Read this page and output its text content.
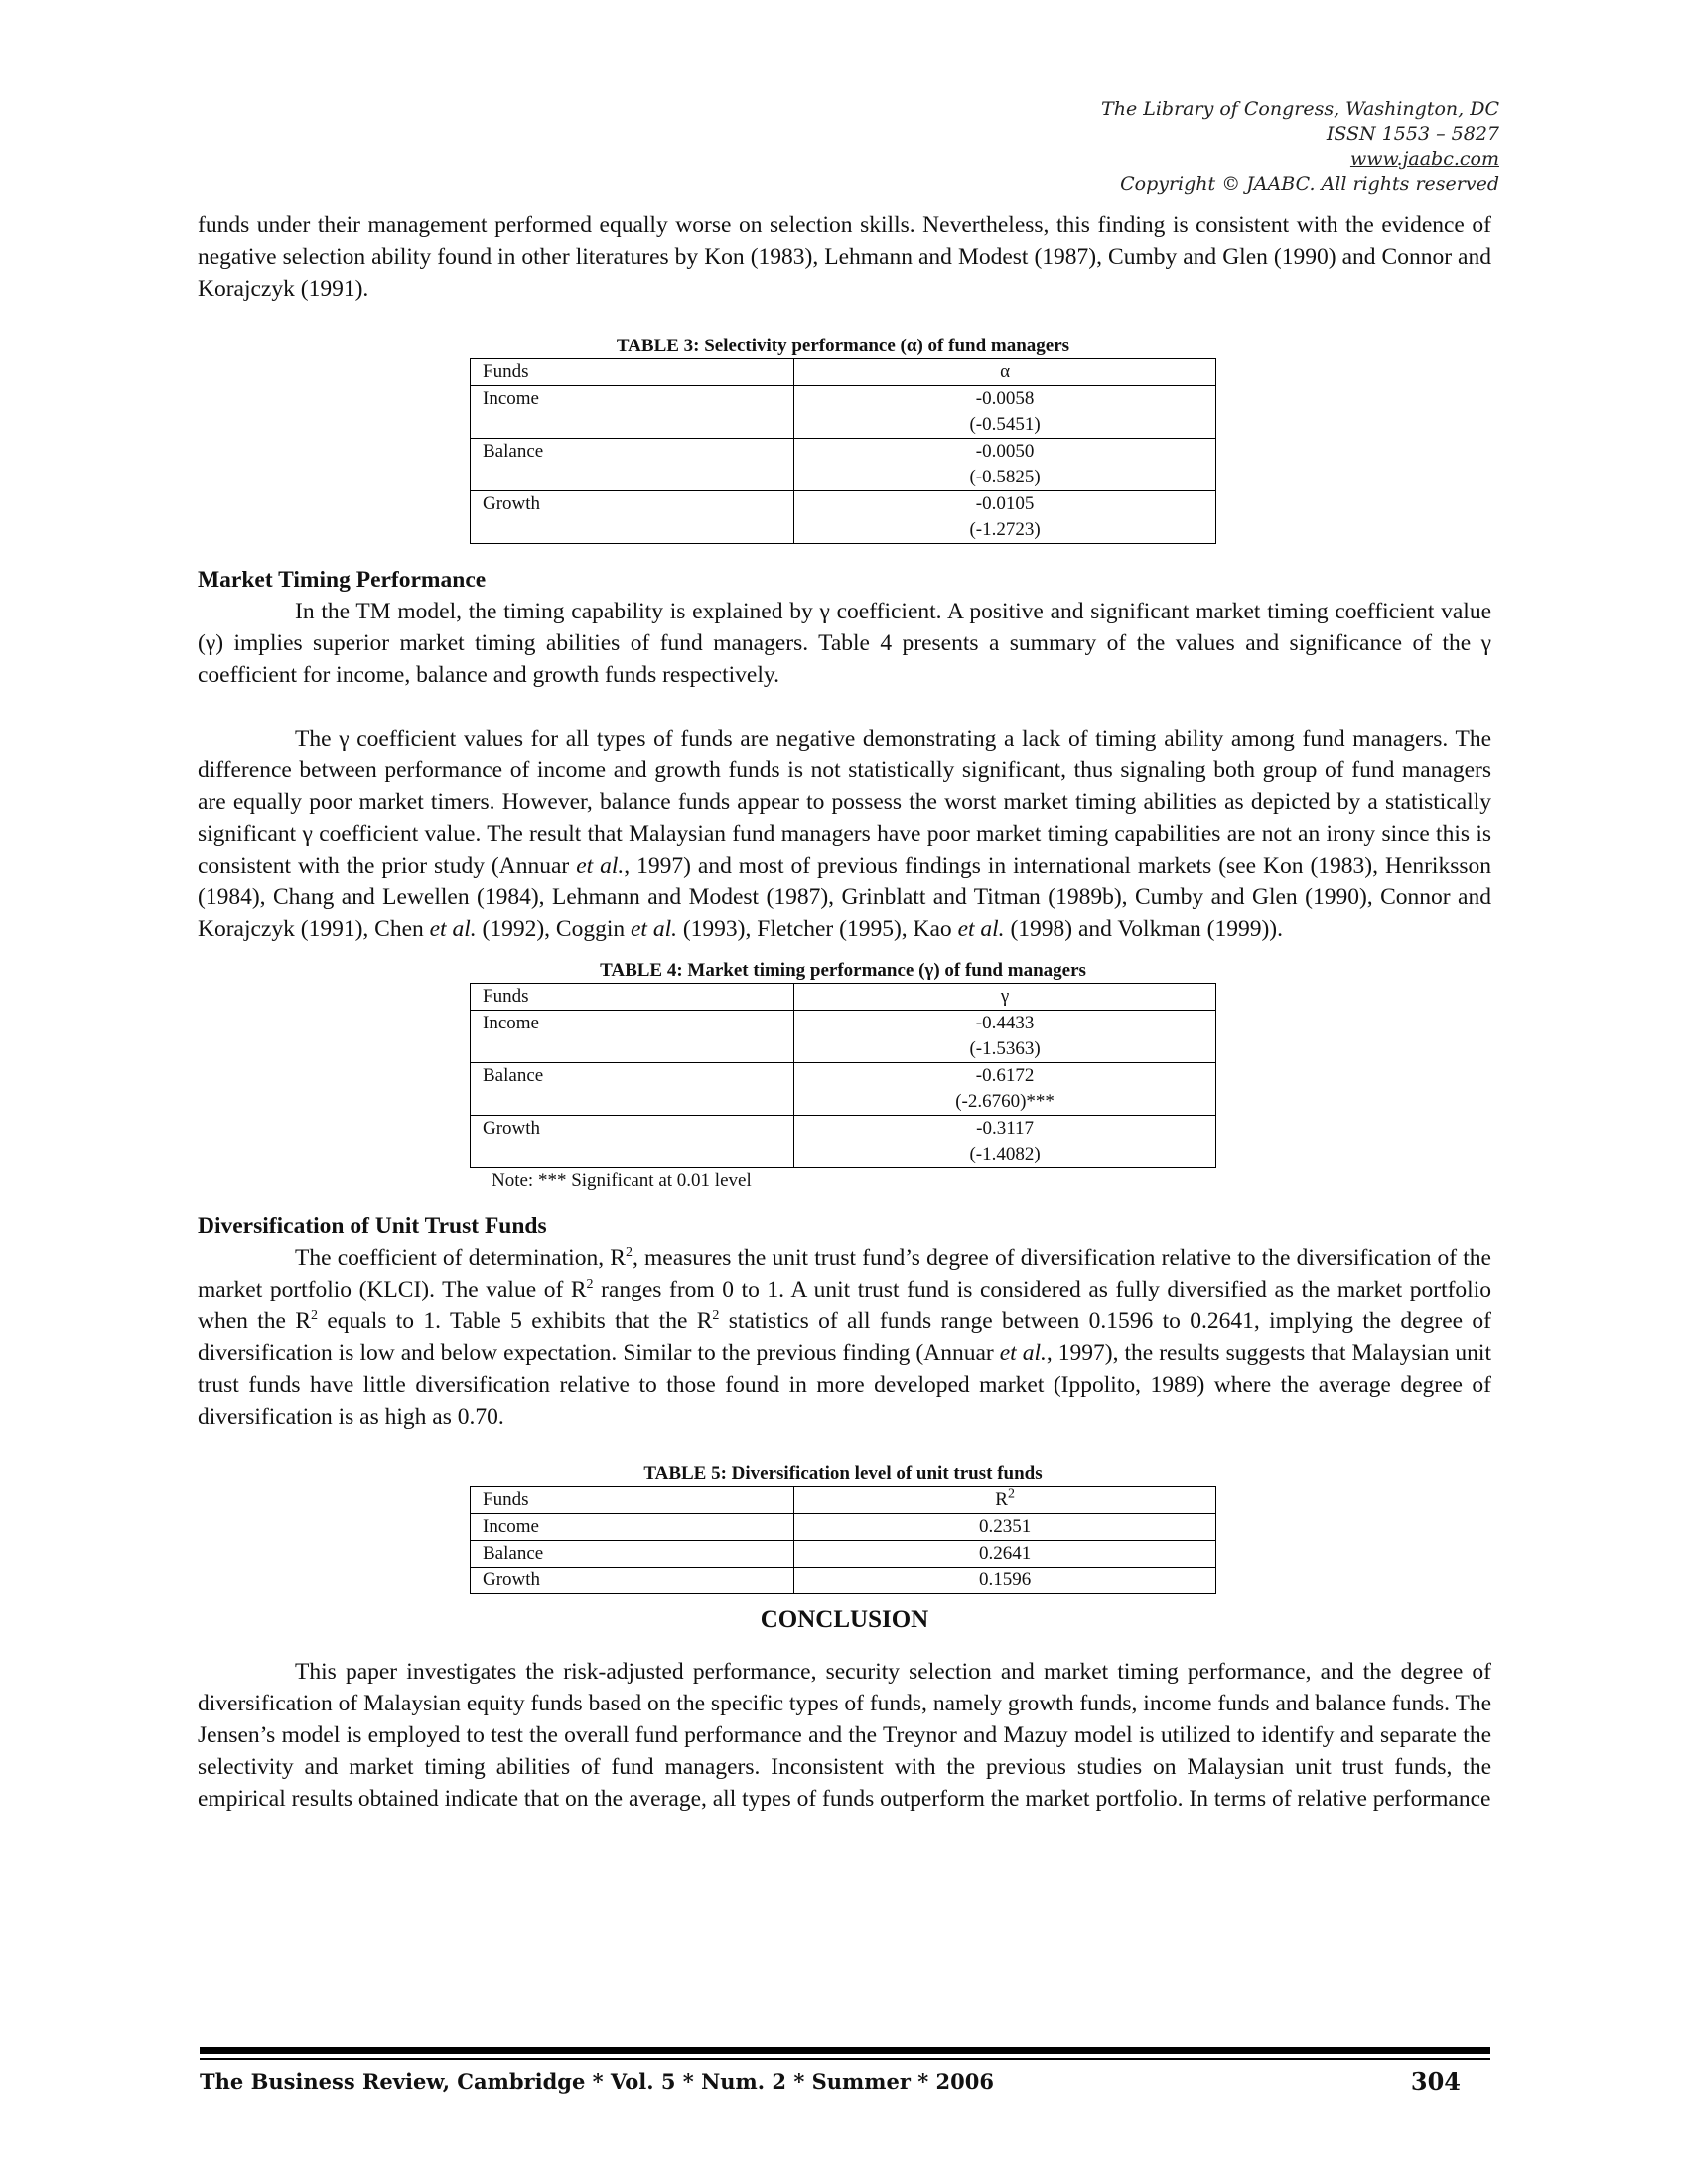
The Library of Congress, Washington, DC
ISSN 1553 – 5827
www.jaabc.com
Copyright © JAABC. All rights reserved

funds under their management performed equally worse on selection skills. Nevertheless, this finding is consistent with the evidence of negative selection ability found in other literatures by Kon (1983), Lehmann and Modest (1987), Cumby and Glen (1990) and Connor and Korajczyk (1991).

TABLE 3: Selectivity performance (α) of fund managers
Funds	α
Income	-0.0058
(-0.5451)

Balance	-0.0050
(-0.5825)

Growth	-0.0105
(-1.2723)
Market Timing Performance

In the TM model, the timing capability is explained by γ coefficient. A positive and significant market timing coefficient value (γ) implies superior market timing abilities of fund managers. Table 4 presents a summary of the values and significance of the γ coefficient for income, balance and growth funds respectively.

The γ coefficient values for all types of funds are negative demonstrating a lack of timing ability among fund managers. The difference between performance of income and growth funds is not statistically significant, thus signaling both group of fund managers are equally poor market timers. However, balance funds appear to possess the worst market timing abilities as depicted by a statistically significant γ coefficient value. The result that Malaysian fund managers have poor market timing capabilities are not an irony since this is consistent with the prior study (Annuar et al., 1997) and most of previous findings in international markets (see Kon (1983), Henriksson (1984), Chang and Lewellen (1984), Lehmann and Modest (1987), Grinblatt and Titman (1989b), Cumby and Glen (1990), Connor and Korajczyk (1991), Chen et al. (1992), Coggin et al. (1993), Fletcher (1995), Kao et al. (1998) and Volkman (1999)).

TABLE 4: Market timing performance (γ) of fund managers
Funds	γ
Income	-0.4433
(-1.5363)

Balance	-0.6172
(-2.6760)***

Growth	-0.3117
(-1.4082)
Note: *** Significant at 0.01 level
Diversification of Unit Trust Funds

The coefficient of determination, $R^2$, measures the unit trust fund’s degree of diversification relative to the diversification of the market portfolio (KLCI). The value of $R^2$ ranges from 0 to 1. A unit trust fund is considered as fully diversified as the market portfolio when the $R^2$ equals to 1. Table 5 exhibits that the $R^2$ statistics of all funds range between 0.1596 to 0.2641, implying the degree of diversification is low and below expectation. Similar to the previous finding (Annuar et al., 1997), the results suggests that Malaysian unit trust funds have little diversification relative to those found in more developed market (Ippolito, 1989) where the average degree of diversification is as high as 0.70.

TABLE 5: Diversification level of unit trust funds
Funds	$R^2$
Income	0.2351
Balance	0.2641
Growth	0.1596
CONCLUSION

This paper investigates the risk-adjusted performance, security selection and market timing performance, and the degree of diversification of Malaysian equity funds based on the specific types of funds, namely growth funds, income funds and balance funds. The Jensen’s model is employed to test the overall fund performance and the Treynor and Mazuy model is utilized to identify and separate the selectivity and market timing abilities of fund managers. Inconsistent with the previous studies on Malaysian unit trust funds, the empirical results obtained indicate that on the average, all types of funds outperform the market portfolio. In terms of relative performance

The Business Review, Cambridge * Vol. 5 * Num. 2 * Summer * 2006	304
